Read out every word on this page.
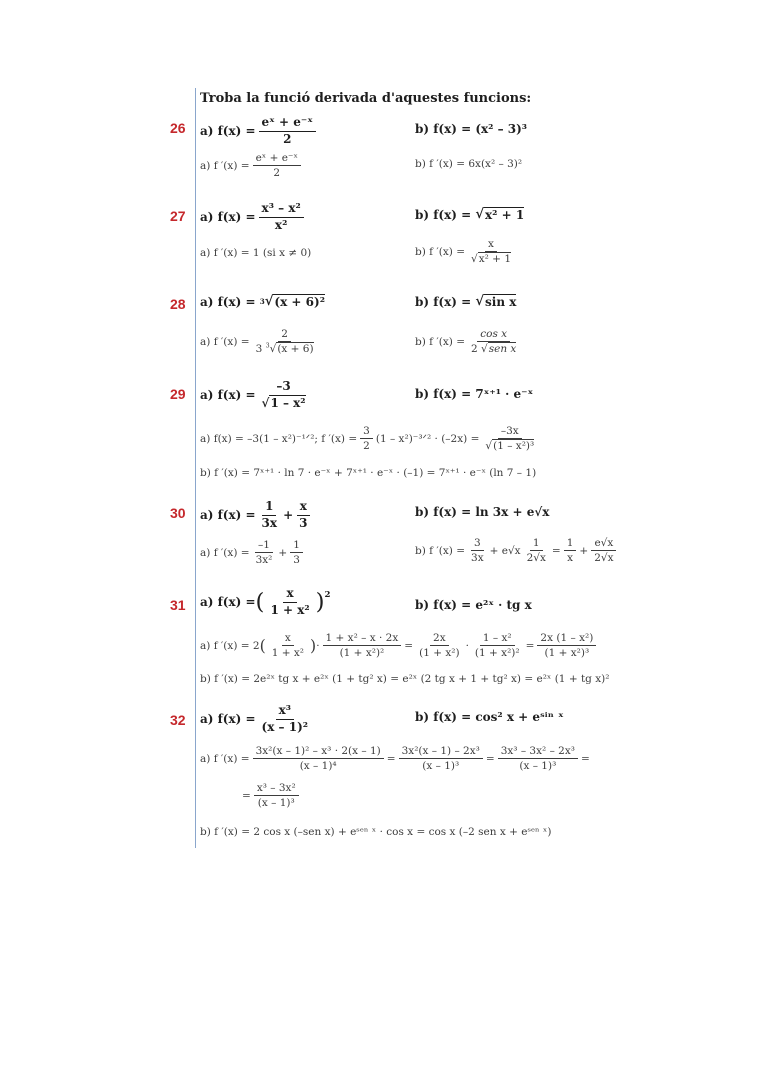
Troba la funció derivada d'aquestes funcions:
26 a) $f(x) = \frac{\text{eˣ + e⁻ˣ}}{2}$	b) f(x) = (x² – 3)³
a) f $'(x) = \frac{\text{eˣ + e⁻ˣ}}{2}$	b) f ′(x) = 6x(x² – 3)²
27 a) $f(x) = \frac{\text{x³ – x²}}{\text{x²}}$	b) f(x) =
√ x² + 1
a) f ′(x) = 1 (si x ≠ 0)	b) f $'(x) = \frac{x}{\text{√x² + 1}}$
28 a) f(x) =
3 √ (x + 6)²	b) f(x) =
√ sin x
a) f $'(x) = \frac{2}{3 ^3√(x + 6)}$	b) f $'(x) = \frac{\text{cos x}}{\text{2 √sen x}}$
29 a) $f(x) = \frac{-3}{\text{√1 – x²}}$	b) f(x) = 7ˣ⁺¹ · e⁻ˣ
a) f(x) = –3(1 – x²)⁻¹ᐟ²; f $'(x) = \frac{3}{2} (1$ – x²)⁻³ᐟ² · $(-2x) = \frac{-3x}{\text{√(1 – x²)³}}$
b) f ′(x) = 7ˣ⁺¹ · ln 7 · e⁻ˣ + 7ˣ⁺¹ · e⁻ˣ · (–1) = 7ˣ⁺¹ · e⁻ˣ (ln 7 – 1)
30 a) $f(x) = \frac{1}{3x} + \frac{x}{3}$	b) f(x) = ln 3x + e√x
a) f $'(x) = \frac{-1}{\text{3x²}} + \frac{1}{3}$	b) f $'(x) = \frac{3}{3x} + e√x \frac{1}{2√x} = \frac{1}{x} + \frac{e√x}{2√x}$
31 a) f(x) = ( $\frac{x}{\text{1 + x²}}$ ) 2
b) f(x) = e²ˣ · tg x
a) f ′(x) = 2 ( $\frac{x}{\text{1 + x²}}$ ) · $\frac{\text{1 + x² – x · 2x}}{\text{(1 + x²)²}} = \frac{2x}{\text{(1 + x²)}} \cdot \frac{\text{1 – x²}}{\text{(1 + x²)²}} = \frac{\text{2x (1 – x²)}}{\text{(1 + x²)³}}$
b) f ′(x) = 2e²ˣ tg x + e²ˣ (1 + tg² x) = e²ˣ (2 tg x + 1 + tg² x) = e²ˣ (1 + tg x)²
32 a) $f(x) = \frac{\text{x³}}{\text{(x – 1)²}}$	b) f(x) = cos² x + eˢⁱⁿ ˣ
a) f $'(x) = \frac{\text{3x²(x – 1)² – x³ · 2(x – 1)}}{\text{(x – 1)⁴}} = \frac{\text{3x²(x – 1) – 2x³}}{\text{(x – 1)³}} = \frac{\text{3x³ – 3x² – 2x³}}{\text{(x – 1)³}}$ =
= $\frac{\text{x³ – 3x²}}{\text{(x – 1)³}}$
b) f ′(x) = 2 cos x (–sen x) + eˢᵉⁿ ˣ · cos x = cos x (–2 sen x + eˢᵉⁿ ˣ)
